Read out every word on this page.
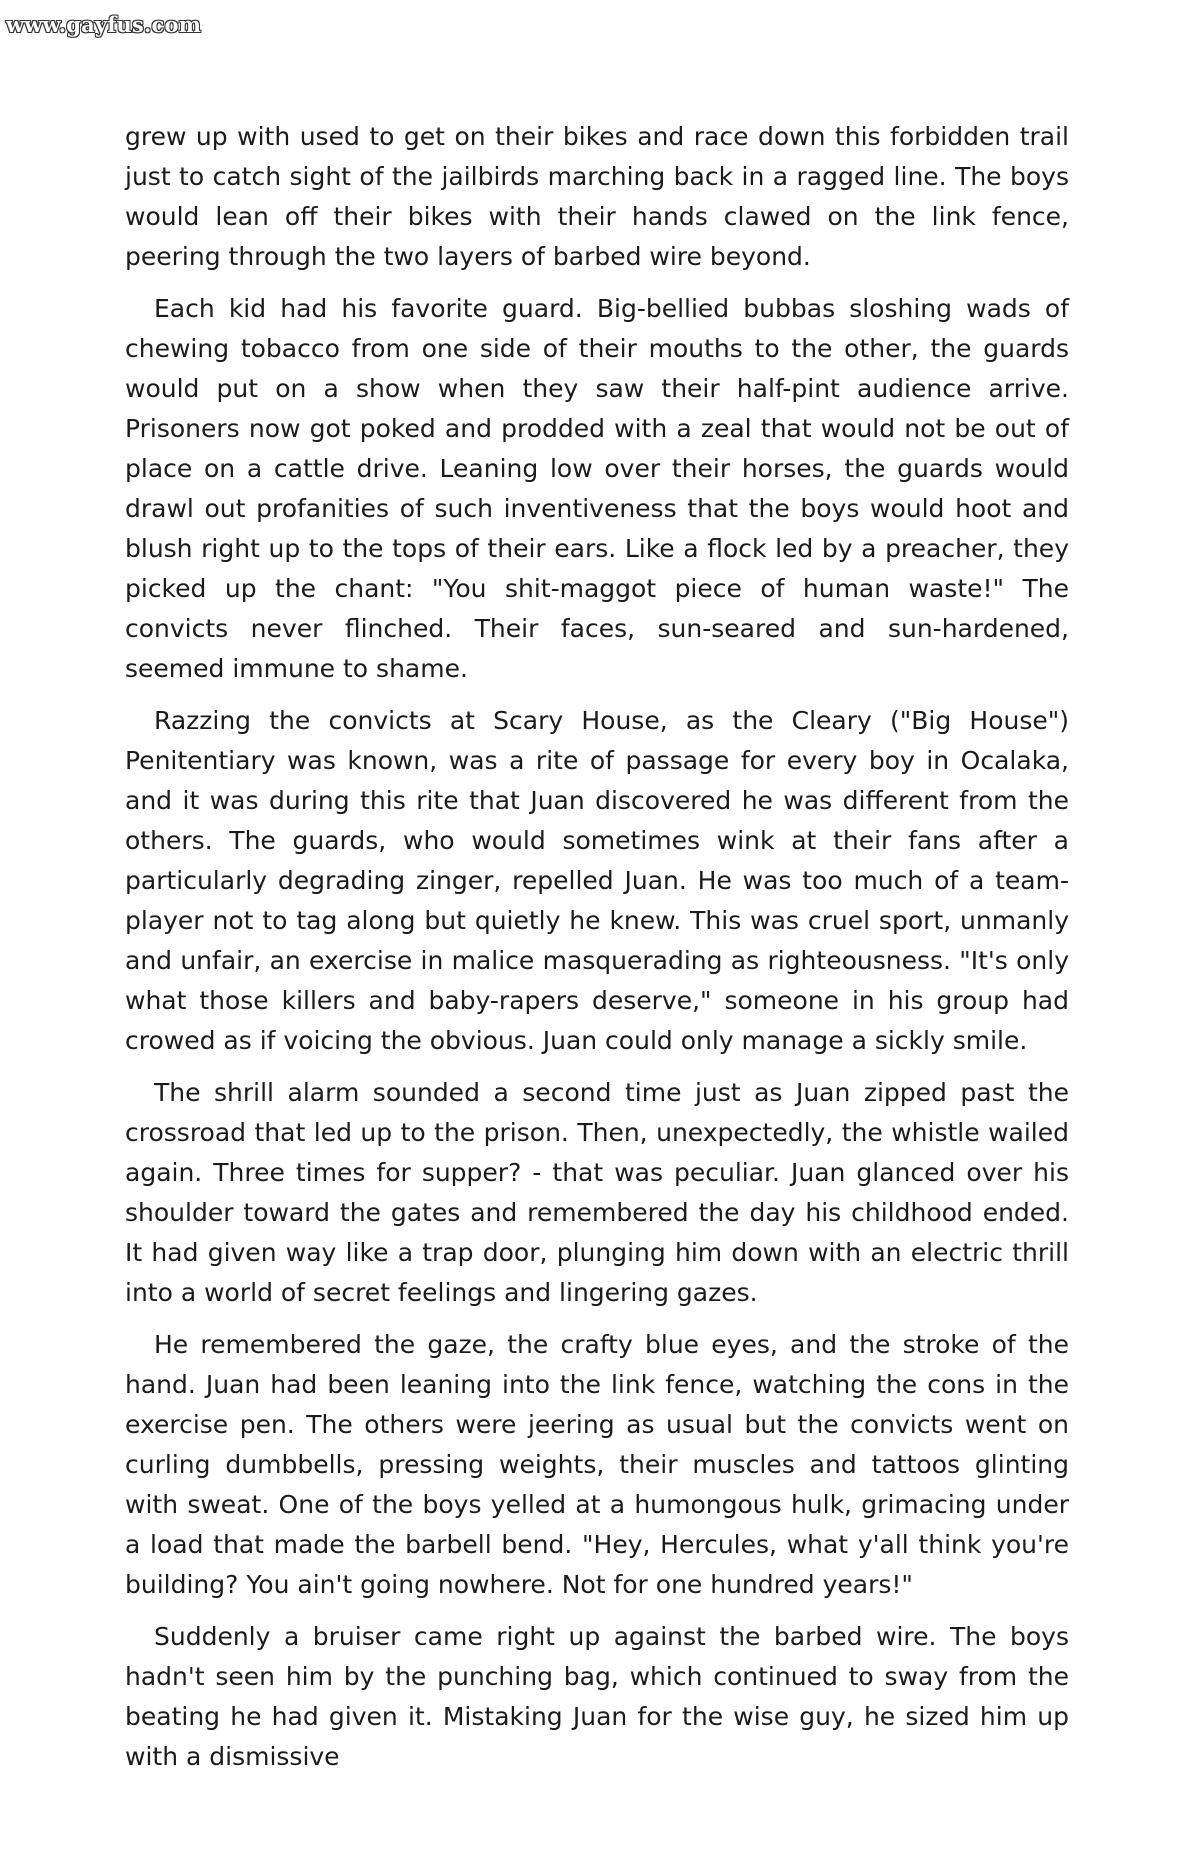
www.gayfus.com

grew up with used to get on their bikes and race down this forbidden trail just to catch sight of the jailbirds marching back in a ragged line. The boys would lean off their bikes with their hands clawed on the link fence, peering through the two layers of barbed wire beyond.

Each kid had his favorite guard. Big-bellied bubbas sloshing wads of chewing tobacco from one side of their mouths to the other, the guards would put on a show when they saw their half-pint audience arrive. Prisoners now got poked and prodded with a zeal that would not be out of place on a cattle drive. Leaning low over their horses, the guards would drawl out profanities of such inventiveness that the boys would hoot and blush right up to the tops of their ears. Like a flock led by a preacher, they picked up the chant: "You shit-maggot piece of human waste!" The convicts never flinched. Their faces, sun-seared and sun-hardened, seemed immune to shame.

Razzing the convicts at Scary House, as the Cleary ("Big House") Penitentiary was known, was a rite of passage for every boy in Ocalaka, and it was during this rite that Juan discovered he was different from the others. The guards, who would sometimes wink at their fans after a particularly degrading zinger, repelled Juan. He was too much of a team-player not to tag along but quietly he knew. This was cruel sport, unmanly and unfair, an exercise in malice masquerading as righteousness. "It's only what those killers and baby-rapers deserve," someone in his group had crowed as if voicing the obvious. Juan could only manage a sickly smile.

The shrill alarm sounded a second time just as Juan zipped past the crossroad that led up to the prison. Then, unexpectedly, the whistle wailed again. Three times for supper? - that was peculiar. Juan glanced over his shoulder toward the gates and remembered the day his childhood ended. It had given way like a trap door, plunging him down with an electric thrill into a world of secret feelings and lingering gazes.

He remembered the gaze, the crafty blue eyes, and the stroke of the hand. Juan had been leaning into the link fence, watching the cons in the exercise pen. The others were jeering as usual but the convicts went on curling dumbbells, pressing weights, their muscles and tattoos glinting with sweat. One of the boys yelled at a humongous hulk, grimacing under a load that made the barbell bend. "Hey, Hercules, what y'all think you're building? You ain't going nowhere. Not for one hundred years!"

Suddenly a bruiser came right up against the barbed wire. The boys hadn't seen him by the punching bag, which continued to sway from the beating he had given it. Mistaking Juan for the wise guy, he sized him up with a dismissive
